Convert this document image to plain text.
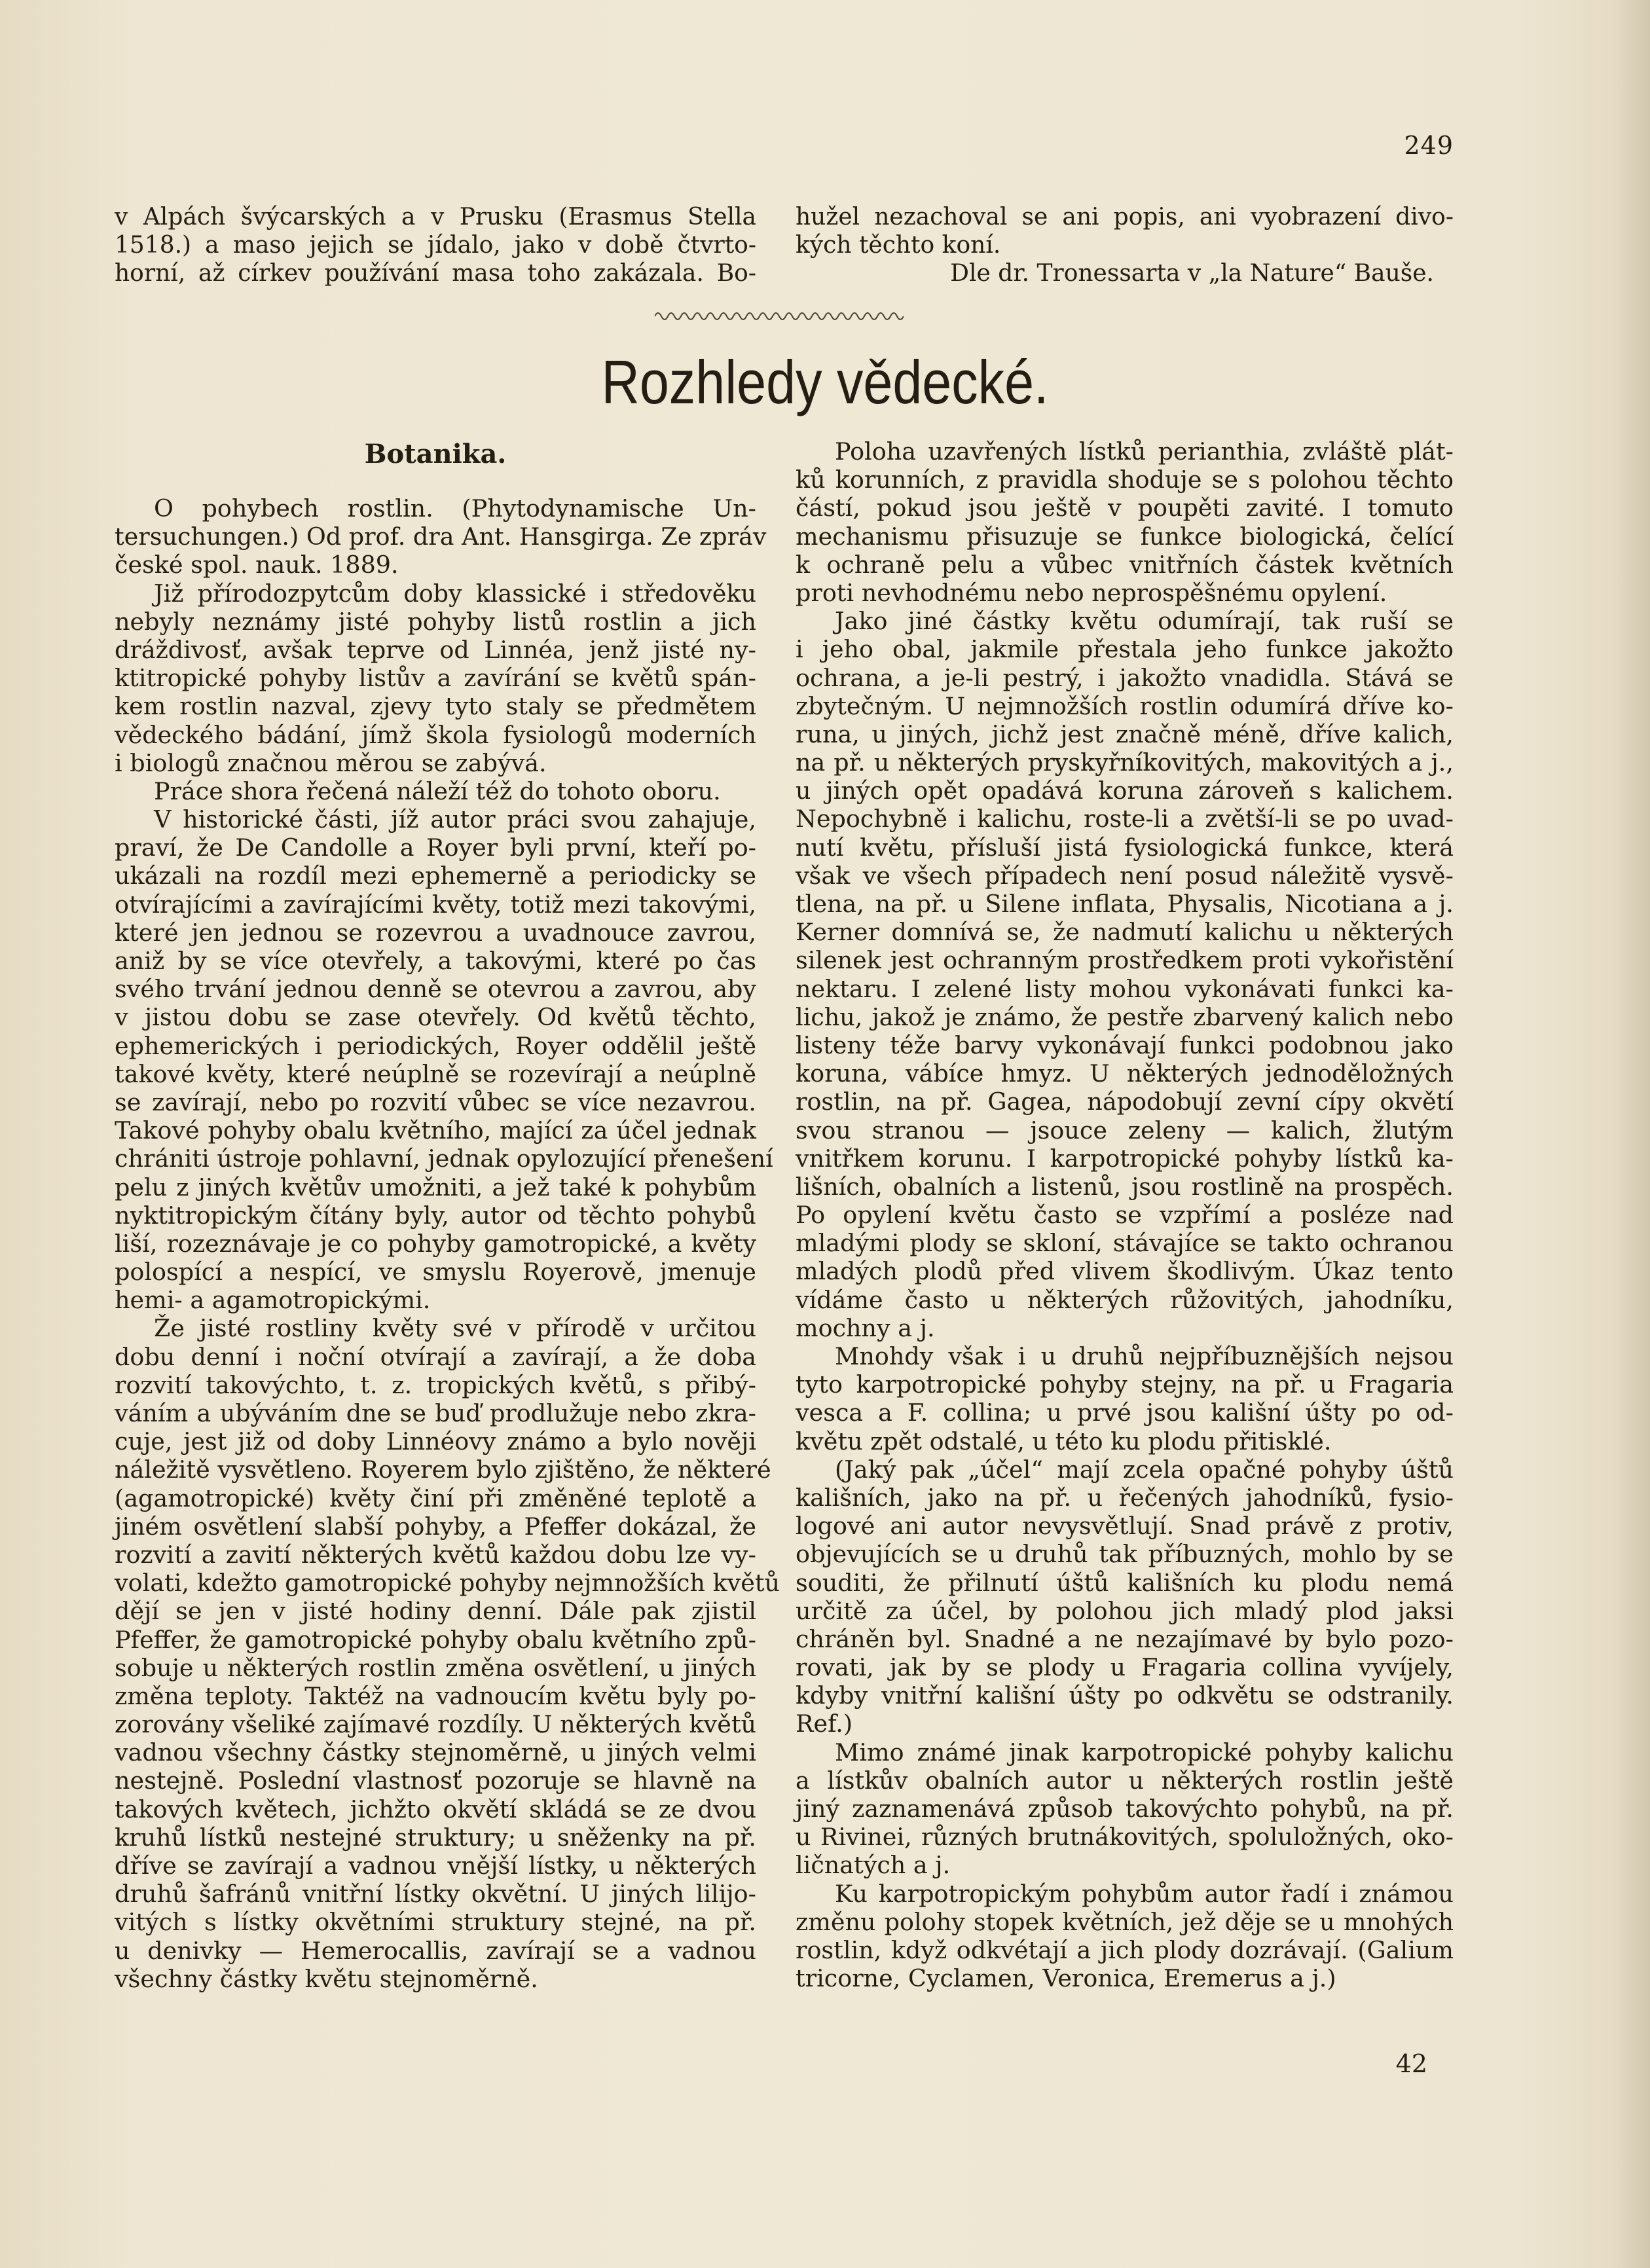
249
v Alpách švýcarských a v Prusku (Erasmus Stella
1518.) a maso jejich se jídalo, jako v době čtvrto-
horní, až církev používání masa toho zakázala. Bo-
hužel nezachoval se ani popis, ani vyobrazení divo-
kých těchto koní.
Dle dr. Tronessarta v „la Nature“ Bauše.
Rozhledy vědecké.
Botanika.
O pohybech rostlin. (Phytodynamische Un-
tersuchungen.) Od prof. dra Ant. Hansgirga. Ze zpráv
české spol. nauk. 1889.
Již přírodozpytcům doby klassické i středověku
nebyly neznámy jisté pohyby listů rostlin a jich
dráždivosť, avšak teprve od Linnéa, jenž jisté ny-
ktitropické pohyby listův a zavírání se květů spán-
kem rostlin nazval, zjevy tyto staly se předmětem
vědeckého bádání, jímž škola fysiologů moderních
i biologů značnou měrou se zabývá.
Práce shora řečená náleží též do tohoto oboru.
V historické části, jíž autor práci svou zahajuje,
praví, že De Candolle a Royer byli první, kteří po-
ukázali na rozdíl mezi ephemerně a periodicky se
otvírajícími a zavírajícími květy, totiž mezi takovými,
které jen jednou se rozevrou a uvadnouce zavrou,
aniž by se více otevřely, a takovými, které po čas
svého trvání jednou denně se otevrou a zavrou, aby
v jistou dobu se zase otevřely. Od květů těchto,
ephemerických i periodických, Royer oddělil ještě
takové květy, které neúplně se rozevírají a neúplně
se zavírají, nebo po rozvití vůbec se více nezavrou.
Takové pohyby obalu květního, mající za účel jednak
chrániti ústroje pohlavní, jednak opylozující přenešení
pelu z jiných květův umožniti, a jež také k pohybům
nyktitropickým čítány byly, autor od těchto pohybů
liší, rozeznávaje je co pohyby gamotropické, a květy
polospící a nespící, ve smyslu Royerově, jmenuje
hemi- a agamotropickými.
Že jisté rostliny květy své v přírodě v určitou
dobu denní i noční otvírají a zavírají, a že doba
rozvití takovýchto, t. z. tropických květů, s přibý-
váním a ubýváním dne se buď prodlužuje nebo zkra-
cuje, jest již od doby Linnéovy známo a bylo nověji
náležitě vysvětleno. Royerem bylo zjištěno, že některé
(agamotropické) květy činí při změněné teplotě a
jiném osvětlení slabší pohyby, a Pfeffer dokázal, že
rozvití a zavití některých květů každou dobu lze vy-
volati, kdežto gamotropické pohyby nejmnožších květů
dějí se jen v jisté hodiny denní. Dále pak zjistil
Pfeffer, že gamotropické pohyby obalu květního způ-
sobuje u některých rostlin změna osvětlení, u jiných
změna teploty. Taktéž na vadnoucím květu byly po-
zorovány všeliké zajímavé rozdíly. U některých květů
vadnou všechny částky stejnoměrně, u jiných velmi
nestejně. Poslední vlastnosť pozoruje se hlavně na
takových květech, jichžto okvětí skládá se ze dvou
kruhů lístků nestejné struktury; u sněženky na př.
dříve se zavírají a vadnou vnější lístky, u některých
druhů šafránů vnitřní lístky okvětní. U jiných lilijo-
vitých s lístky okvětními struktury stejné, na př.
u denivky — Hemerocallis, zavírají se a vadnou
všechny částky květu stejnoměrně.
Poloha uzavřených lístků perianthia, zvláště plát-
ků korunních, z pravidla shoduje se s polohou těchto
částí, pokud jsou ještě v poupěti zavité. I tomuto
mechanismu přisuzuje se funkce biologická, čelící
k ochraně pelu a vůbec vnitřních částek květních
proti nevhodnému nebo neprospěšnému opylení.
Jako jiné částky květu odumírají, tak ruší se
i jeho obal, jakmile přestala jeho funkce jakožto
ochrana, a je-li pestrý, i jakožto vnadidla. Stává se
zbytečným. U nejmnožších rostlin odumírá dříve ko-
runa, u jiných, jichž jest značně méně, dříve kalich,
na př. u některých pryskyřníkovitých, makovitých a j.,
u jiných opět opadává koruna zároveň s kalichem.
Nepochybně i kalichu, roste-li a zvětší-li se po uvad-
nutí květu, přísluší jistá fysiologická funkce, která
však ve všech případech není posud náležitě vysvě-
tlena, na př. u Silene inflata, Physalis, Nicotiana a j.
Kerner domnívá se, že nadmutí kalichu u některých
silenek jest ochranným prostředkem proti vykořistění
nektaru. I zelené listy mohou vykonávati funkci ka-
lichu, jakož je známo, že pestře zbarvený kalich nebo
listeny téže barvy vykonávají funkci podobnou jako
koruna, vábíce hmyz. U některých jednoděložných
rostlin, na př. Gagea, nápodobují zevní cípy okvětí
svou stranou — jsouce zeleny — kalich, žlutým
vnitřkem korunu. I karpotropické pohyby lístků ka-
lišních, obalních a listenů, jsou rostlině na prospěch.
Po opylení květu často se vzpřímí a posléze nad
mladými plody se skloní, stávajíce se takto ochranou
mladých plodů před vlivem škodlivým. Úkaz tento
vídáme často u některých růžovitých, jahodníku,
mochny a j.
Mnohdy však i u druhů nejpříbuznějších nejsou
tyto karpotropické pohyby stejny, na př. u Fragaria
vesca a F. collina; u prvé jsou kališní úšty po od-
květu zpět odstalé, u této ku plodu přitisklé.
(Jaký pak „účel“ mají zcela opačné pohyby úštů
kališních, jako na př. u řečených jahodníků, fysio-
logové ani autor nevysvětlují. Snad právě z protiv,
objevujících se u druhů tak příbuzných, mohlo by se
souditi, že přilnutí úštů kališních ku plodu nemá
určitě za účel, by polohou jich mladý plod jaksi
chráněn byl. Snadné a ne nezajímavé by bylo pozo-
rovati, jak by se plody u Fragaria collina vyvíjely,
kdyby vnitřní kališní úšty po odkvětu se odstranily.
Ref.)
Mimo známé jinak karpotropické pohyby kalichu
a lístkův obalních autor u některých rostlin ještě
jiný zaznamenává způsob takovýchto pohybů, na př.
u Rivinei, různých brutnákovitých, spoluložných, oko-
ličnatých a j.
Ku karpotropickým pohybům autor řadí i známou
změnu polohy stopek květních, jež děje se u mnohých
rostlin, když odkvétají a jich plody dozrávají. (Galium
tricorne, Cyclamen, Veronica, Eremerus a j.)
42
